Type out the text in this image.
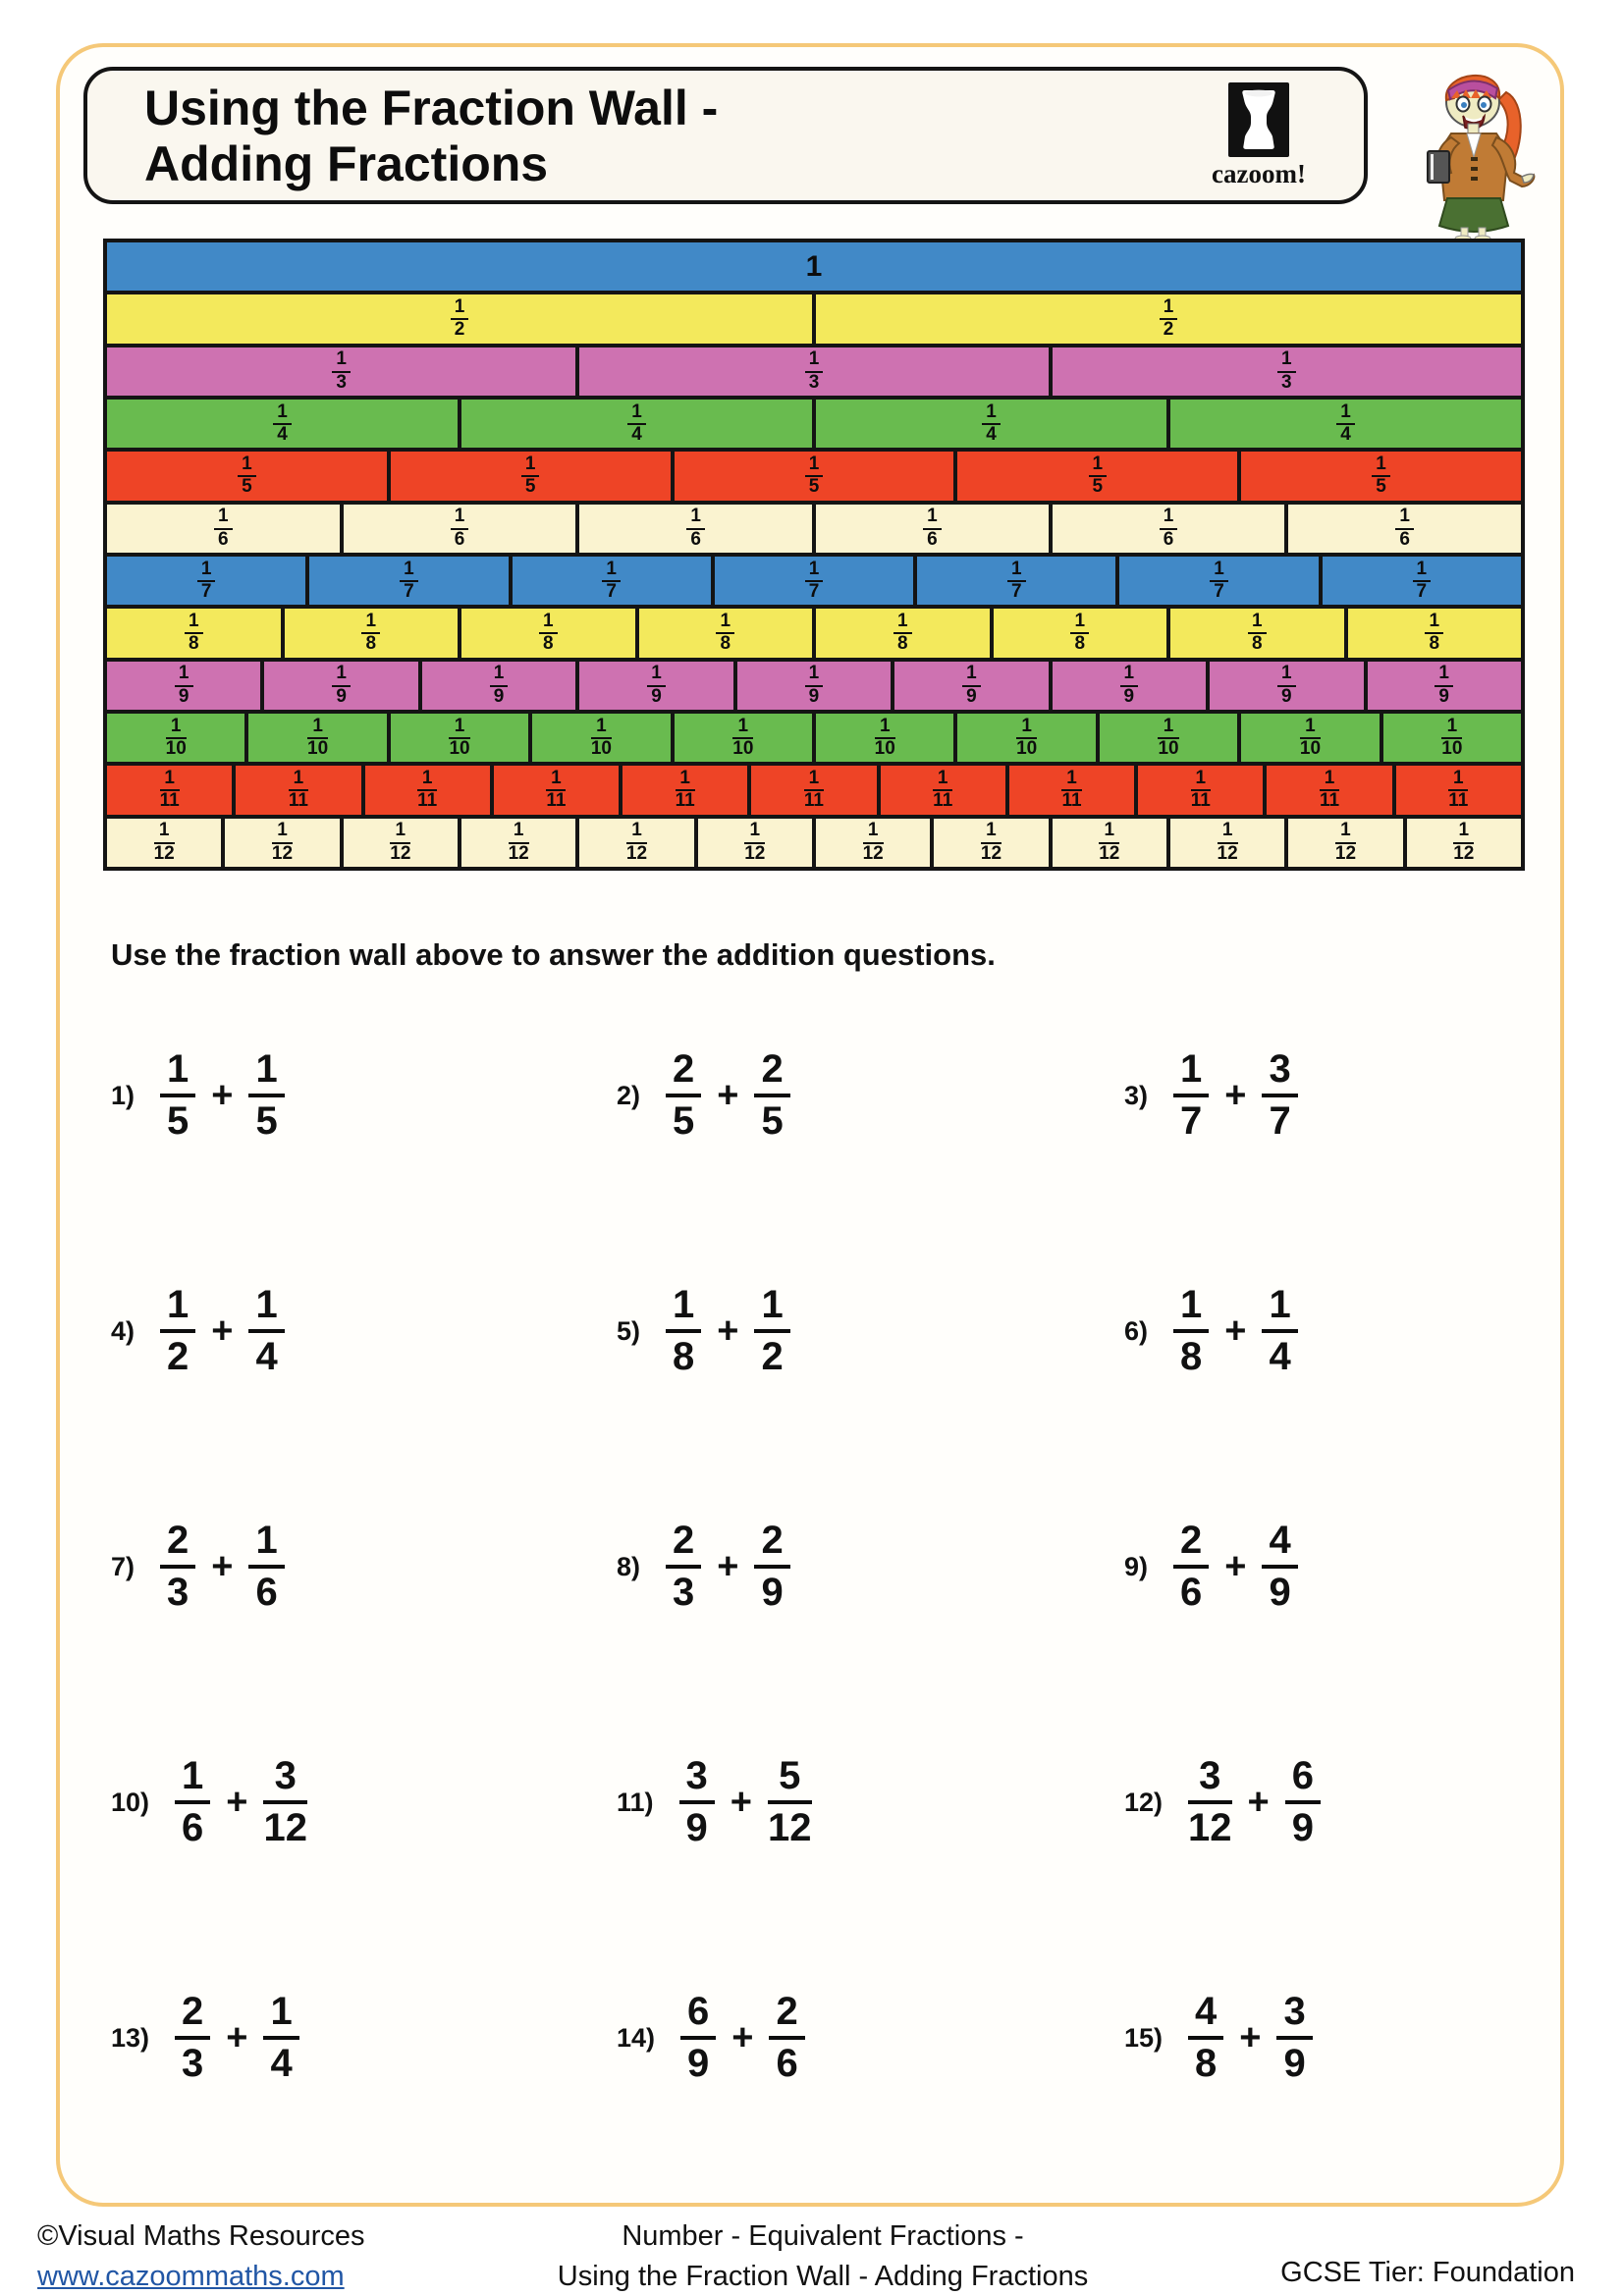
Using the Fraction Wall -
Adding Fractions	cazoom!
1
$\frac{1}{2}$	$\frac{1}{2}$
$\frac{1}{3}$	$\frac{1}{3}$	$\frac{1}{3}$
$\frac{1}{4}$	$\frac{1}{4}$	$\frac{1}{4}$	$\frac{1}{4}$
$\frac{1}{5}$	$\frac{1}{5}$	$\frac{1}{5}$	$\frac{1}{5}$	$\frac{1}{5}$
$\frac{1}{6}$	$\frac{1}{6}$	$\frac{1}{6}$	$\frac{1}{6}$	$\frac{1}{6}$	$\frac{1}{6}$
$\frac{1}{7}$	$\frac{1}{7}$	$\frac{1}{7}$	$\frac{1}{7}$	$\frac{1}{7}$	$\frac{1}{7}$	$\frac{1}{7}$
$\frac{1}{8}$	$\frac{1}{8}$	$\frac{1}{8}$	$\frac{1}{8}$	$\frac{1}{8}$	$\frac{1}{8}$	$\frac{1}{8}$	$\frac{1}{8}$
$\frac{1}{9}$	$\frac{1}{9}$	$\frac{1}{9}$	$\frac{1}{9}$	$\frac{1}{9}$	$\frac{1}{9}$	$\frac{1}{9}$	$\frac{1}{9}$	$\frac{1}{9}$
$\frac{1}{10}$	$\frac{1}{10}$	$\frac{1}{10}$	$\frac{1}{10}$	$\frac{1}{10}$	$\frac{1}{10}$	$\frac{1}{10}$	$\frac{1}{10}$	$\frac{1}{10}$	$\frac{1}{10}$
$\frac{1}{11}$	$\frac{1}{11}$	$\frac{1}{11}$	$\frac{1}{11}$	$\frac{1}{11}$	$\frac{1}{11}$	$\frac{1}{11}$	$\frac{1}{11}$	$\frac{1}{11}$	$\frac{1}{11}$	$\frac{1}{11}$
$\frac{1}{12}$	$\frac{1}{12}$	$\frac{1}{12}$	$\frac{1}{12}$	$\frac{1}{12}$	$\frac{1}{12}$	$\frac{1}{12}$	$\frac{1}{12}$	$\frac{1}{12}$	$\frac{1}{12}$	$\frac{1}{12}$	$\frac{1}{12}$
Use the fraction wall above to answer the addition questions.
$1) \frac{1}{5} + \frac{1}{5}$	$2) \frac{2}{5} + \frac{2}{5}$	$3) \frac{1}{7} + \frac{3}{7}$
$4) \frac{1}{2} + \frac{1}{4}$	$5) \frac{1}{8} + \frac{1}{2}$	$6) \frac{1}{8} + \frac{1}{4}$
$7) \frac{2}{3} + \frac{1}{6}$	$8) \frac{2}{3} + \frac{2}{9}$	$9) \frac{2}{6} + \frac{4}{9}$
$10) \frac{1}{6} + \frac{3}{12}$	$11) \frac{3}{9} + \frac{5}{12}$	$12) \frac{3}{12} + \frac{6}{9}$
$13) \frac{2}{3} + \frac{1}{4}$	$14) \frac{6}{9} + \frac{2}{6}$	$15) \frac{4}{8} + \frac{3}{9}$
©Visual Maths Resources
www.cazoommaths.com
Number - Equivalent Fractions -
Using the Fraction Wall - Adding Fractions	GCSE Tier: Foundation
